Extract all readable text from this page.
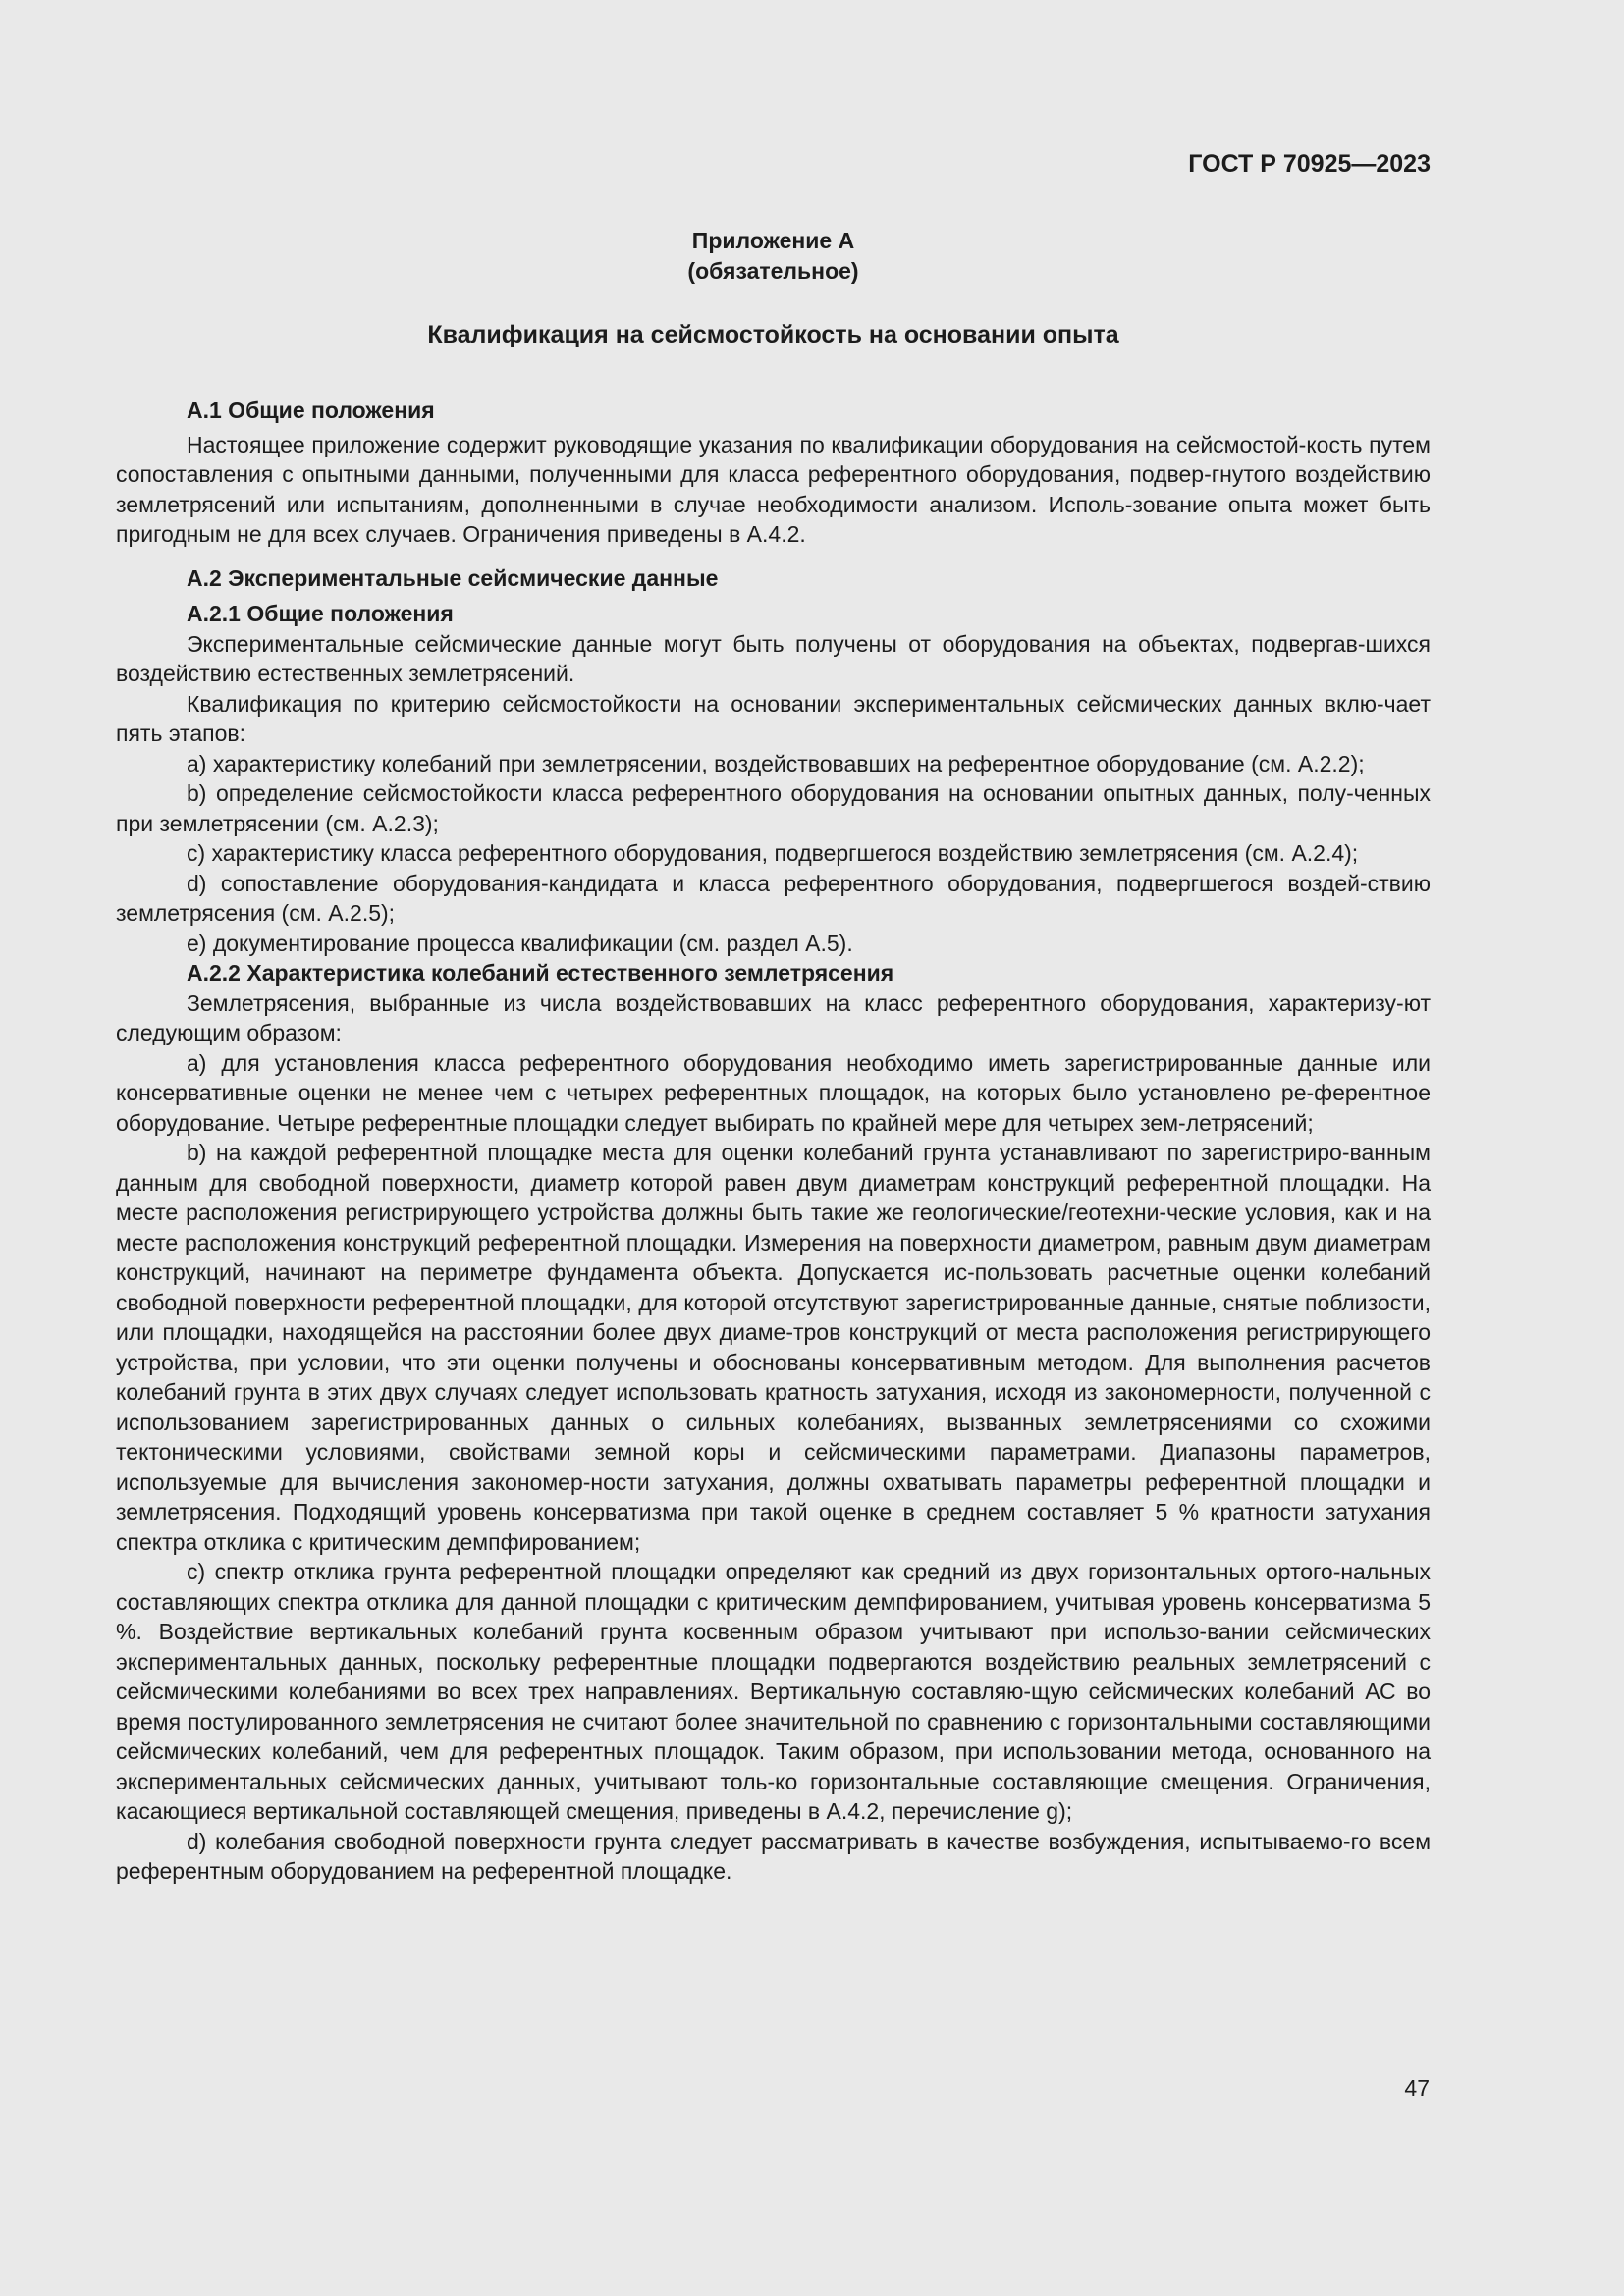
ГОСТ Р 70925—2023
Приложение А
(обязательное)
Квалификация на сейсмостойкость на основании опыта
А.1 Общие положения

Настоящее приложение содержит руководящие указания по квалификации оборудования на сейсмостой-кость путем сопоставления с опытными данными, полученными для класса референтного оборудования, подвер-гнутого воздействию землетрясений или испытаниям, дополненными в случае необходимости анализом. Исполь-зование опыта может быть пригодным не для всех случаев. Ограничения приведены в А.4.2.

А.2 Экспериментальные сейсмические данные
А.2.1 Общие положения

Экспериментальные сейсмические данные могут быть получены от оборудования на объектах, подвергав-шихся воздействию естественных землетрясений.

Квалификация по критерию сейсмостойкости на основании экспериментальных сейсмических данных вклю-чает пять этапов:

a) характеристику колебаний при землетрясении, воздействовавших на референтное оборудование (см. А.2.2);

b) определение сейсмостойкости класса референтного оборудования на основании опытных данных, полу-ченных при землетрясении (см. А.2.3);

c) характеристику класса референтного оборудования, подвергшегося воздействию землетрясения (см. А.2.4);

d) сопоставление оборудования-кандидата и класса референтного оборудования, подвергшегося воздей-ствию землетрясения (см. А.2.5);

e) документирование процесса квалификации (см. раздел А.5).

А.2.2 Характеристика колебаний естественного землетрясения

Землетрясения, выбранные из числа воздействовавших на класс референтного оборудования, характеризу-ют следующим образом:

a) для установления класса референтного оборудования необходимо иметь зарегистрированные данные или консервативные оценки не менее чем с четырех референтных площадок, на которых было установлено ре-ферентное оборудование. Четыре референтные площадки следует выбирать по крайней мере для четырех зем-летрясений;

b) на каждой референтной площадке места для оценки колебаний грунта устанавливают по зарегистриро-ванным данным для свободной поверхности, диаметр которой равен двум диаметрам конструкций референтной площадки. На месте расположения регистрирующего устройства должны быть такие же геологические/геотехни-ческие условия, как и на месте расположения конструкций референтной площадки. Измерения на поверхности диаметром, равным двум диаметрам конструкций, начинают на периметре фундамента объекта. Допускается ис-пользовать расчетные оценки колебаний свободной поверхности референтной площадки, для которой отсутствуют зарегистрированные данные, снятые поблизости, или площадки, находящейся на расстоянии более двух диаме-тров конструкций от места расположения регистрирующего устройства, при условии, что эти оценки получены и обоснованы консервативным методом. Для выполнения расчетов колебаний грунта в этих двух случаях следует использовать кратность затухания, исходя из закономерности, полученной с использованием зарегистрированных данных о сильных колебаниях, вызванных землетрясениями со схожими тектоническими условиями, свойствами земной коры и сейсмическими параметрами. Диапазоны параметров, используемые для вычисления закономер-ности затухания, должны охватывать параметры референтной площадки и землетрясения. Подходящий уровень консерватизма при такой оценке в среднем составляет 5 % кратности затухания спектра отклика с критическим демпфированием;

c) спектр отклика грунта референтной площадки определяют как средний из двух горизонтальных ортого-нальных составляющих спектра отклика для данной площадки с критическим демпфированием, учитывая уровень консерватизма 5 %. Воздействие вертикальных колебаний грунта косвенным образом учитывают при использо-вании сейсмических экспериментальных данных, поскольку референтные площадки подвергаются воздействию реальных землетрясений с сейсмическими колебаниями во всех трех направлениях. Вертикальную составляю-щую сейсмических колебаний АС во время постулированного землетрясения не считают более значительной по сравнению с горизонтальными составляющими сейсмических колебаний, чем для референтных площадок. Таким образом, при использовании метода, основанного на экспериментальных сейсмических данных, учитывают толь-ко горизонтальные составляющие смещения. Ограничения, касающиеся вертикальной составляющей смещения, приведены в А.4.2, перечисление g);

d) колебания свободной поверхности грунта следует рассматривать в качестве возбуждения, испытываемо-го всем референтным оборудованием на референтной площадке.

47
